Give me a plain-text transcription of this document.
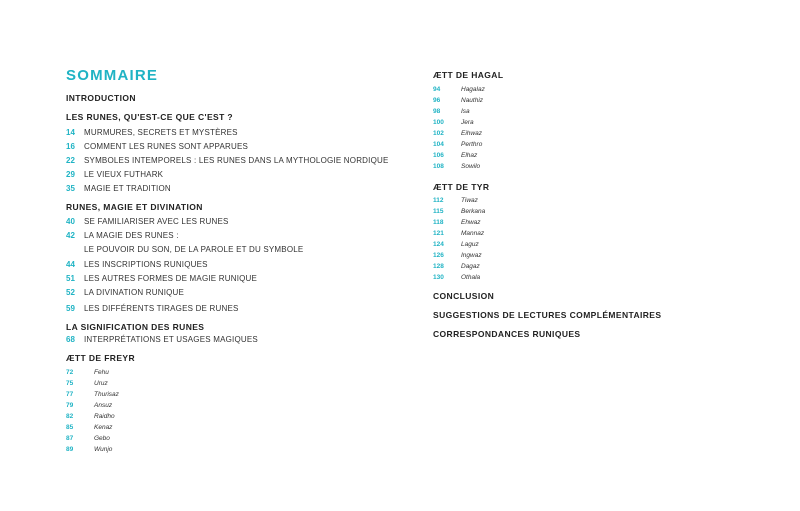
SOMMAIRE
INTRODUCTION
LES RUNES, QU'EST-CE QUE C'EST ?
14 MURMURES, SECRETS ET MYSTÈRES
16 COMMENT LES RUNES SONT APPARUES
22 SYMBOLES INTEMPORELS : LES RUNES DANS LA MYTHOLOGIE NORDIQUE
29 LE VIEUX FUTHARK
35 MAGIE ET TRADITION
RUNES, MAGIE ET DIVINATION
40 SE FAMILIARISER AVEC LES RUNES
42 LA MAGIE DES RUNES :
LE POUVOIR DU SON, DE LA PAROLE ET DU SYMBOLE
44 LES INSCRIPTIONS RUNIQUES
51 LES AUTRES FORMES DE MAGIE RUNIQUE
52 LA DIVINATION RUNIQUE
59 LES DIFFÉRENTS TIRAGES DE RUNES
LA SIGNIFICATION DES RUNES
68 INTERPRÉTATIONS ET USAGES MAGIQUES
ÆTT DE FREYR
72	Fehu
75	Uruz
77	Thurisaz
79	Ansuz
82	Raidho
85	Kenaz
87	Gebo
89	Wunjo
ÆTT DE HAGAL
94	Hagalaz
96	Nauthiz
98	Isa
100	Jera
102	Eihwaz
104	Perthro
106	Elhaz
108	Sowilo
ÆTT DE TYR
112	Tiwaz
115	Berkana
118	Ehwaz
121	Mannaz
124	Laguz
126	Ingwaz
128	Dagaz
130	Othala
CONCLUSION
SUGGESTIONS DE LECTURES COMPLÉMENTAIRES
CORRESPONDANCES RUNIQUES
